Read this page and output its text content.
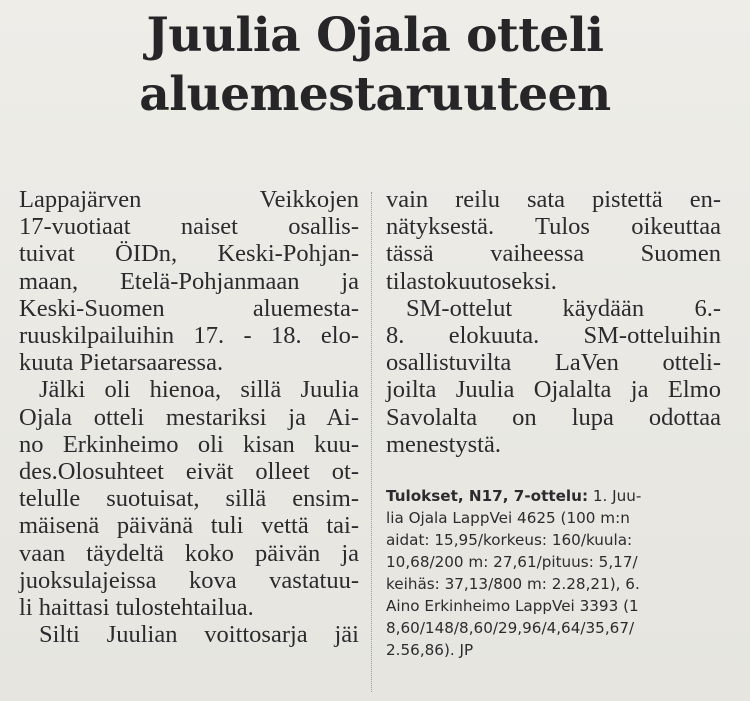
Juulia Ojala otteli
aluemestaruuteen
Lappajärven Veikkojen
17-vuotiaat naiset osallis-
tuivat ÖIDn, Keski-Pohjan-
maan, Etelä-Pohjanmaan ja
Keski-Suomen aluemesta-
ruuskilpailuihin 17. - 18. elo-
kuuta Pietarsaaressa.
Jälki oli hienoa, sillä Juulia
Ojala otteli mestariksi ja Ai-
no Erkinheimo oli kisan kuu-
des.Olosuhteet eivät olleet ot-
telulle suotuisat, sillä ensim-
mäisenä päivänä tuli vettä tai-
vaan täydeltä koko päivän ja
juoksulajeissa kova vastatuu-
li haittasi tulostehtailua.
Silti Juulian voittosarja jäi
vain reilu sata pistettä en-
nätyksestä. Tulos oikeuttaa
tässä vaiheessa Suomen
tilastokuutoseksi.
SM-ottelut käydään 6.-
8. elokuuta. SM-otteluihin
osallistuvilta LaVen otteli-
joilta Juulia Ojalalta ja Elmo
Savolalta on lupa odottaa
menestystä.
Tulokset, N17, 7-ottelu: 1. Juu-
lia Ojala LappVei 4625 (100 m:n
aidat: 15,95/korkeus: 160/kuula:
10,68/200 m: 27,61/pituus: 5,17/
keihäs: 37,13/800 m: 2.28,21), 6.
Aino Erkinheimo LappVei 3393 (1
8,60/148/8,60/29,96/4,64/35,67/
2.56,86). JP
